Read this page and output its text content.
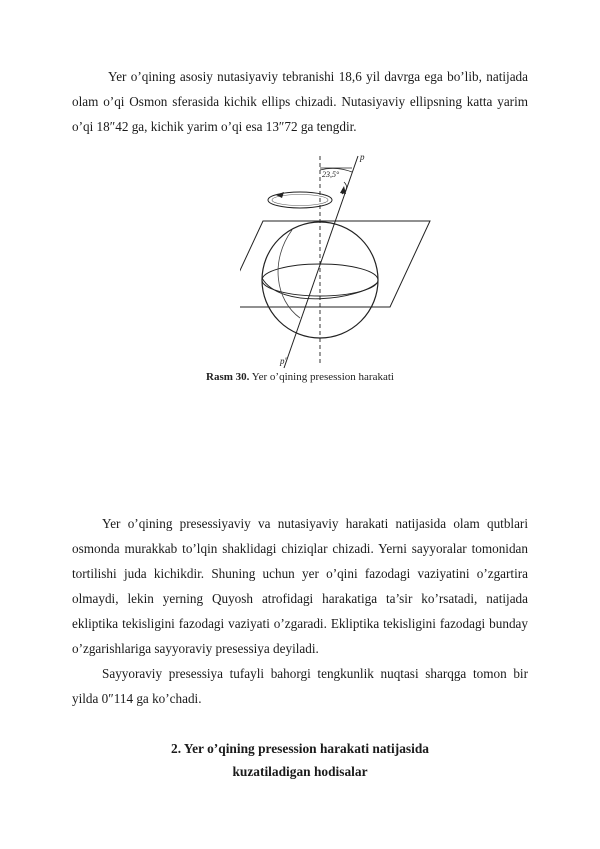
Yer o’qining asosiy nutasiyaviy tebranishi 18,6 yil davrga ega bo’lib, natijada olam o’qi Osmon sferasida kichik ellips chizadi. Nutasiyaviy ellipsning katta yarim o’qi 18″42 ga, kichik yarim o’qi esa 13″72 ga tengdir.

p
23,5°
p′
Rasm 30. Yer o’qining presession harakati

Yer o’qining presessiyaviy va nutasiyaviy harakati natijasida olam qutblari osmonda murakkab to’lqin shaklidagi chiziqlar chizadi. Yerni sayyoralar tomonidan tortilishi juda kichikdir. Shuning uchun yer o’qini fazodagi vaziyatini o’zgartira olmaydi, lekin yerning Quyosh atrofidagi harakatiga ta’sir ko’rsatadi, natijada ekliptika tekisligini fazodagi vaziyati o’zgaradi. Ekliptika tekisligini fazodagi bunday o’zgarishlariga sayyoraviy presessiya deyiladi.

Sayyoraviy presessiya tufayli bahorgi tengkunlik nuqtasi sharqga tomon bir yilda 0″114 ga ko’chadi.

2. Yer o’qining presession harakati natijasida
kuzatiladigan hodisalar
